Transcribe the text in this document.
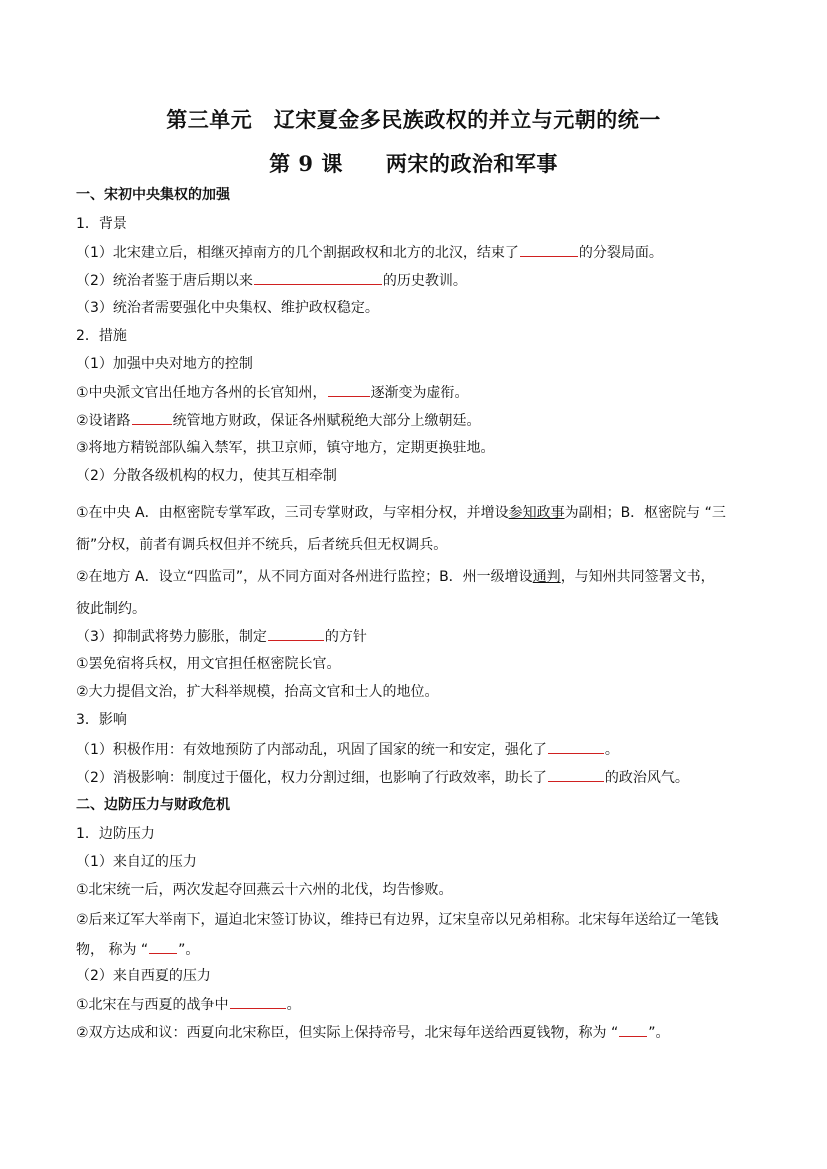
第三单元　辽宋夏金多民族政权的并立与元朝的统一
第 9 课　　两宋的政治和军事
一、宋初中央集权的加强
1．背景
（1）北宋建立后，相继灭掉南方的几个割据政权和北方的北汉，结束了	的分裂局面。
（2）统治者鉴于唐后期以来	的历史教训。
（3）统治者需要强化中央集权、维护政权稳定。
2．措施
（1）加强中央对地方的控制
①中央派文官出任地方各州的长官知州，	逐渐变为虚衔。
②设诸路	统管地方财政，保证各州赋税绝大部分上缴朝廷。
③将地方精锐部队编入禁军，拱卫京师，镇守地方，定期更换驻地。
（2）分散各级机构的权力，使其互相牵制
①在中央 A．由枢密院专掌军政，三司专掌财政，与宰相分权，并增设参知政事为副相；B．枢密院与 “三
衙”分权，前者有调兵权但并不统兵，后者统兵但无权调兵。
②在地方 A．设立“四监司”，从不同方面对各州进行监控；B．州一级增设通判，与知州共同签署文书，
彼此制约。
（3）抑制武将势力膨胀，制定	的方针
①罢免宿将兵权，用文官担任枢密院长官。
②大力提倡文治，扩大科举规模，抬高文官和士人的地位。
3．影响
（1）积极作用：有效地预防了内部动乱，巩固了国家的统一和安定，强化了	。
（2）消极影响：制度过于僵化，权力分割过细，也影响了行政效率，助长了	的政治风气。
二、边防压力与财政危机
1．边防压力
（1）来自辽的压力
①北宋统一后，两次发起夺回燕云十六州的北伐，均告惨败。
②后来辽军大举南下，逼迫北宋签订协议，维持已有边界，辽宋皇帝以兄弟相称。北宋每年送给辽一笔钱
物， 称为 “ ”。
（2）来自西夏的压力
①北宋在与西夏的战争中	。
②双方达成和议：西夏向北宋称臣，但实际上保持帝号，北宋每年送给西夏钱物，称为 “ ”。
